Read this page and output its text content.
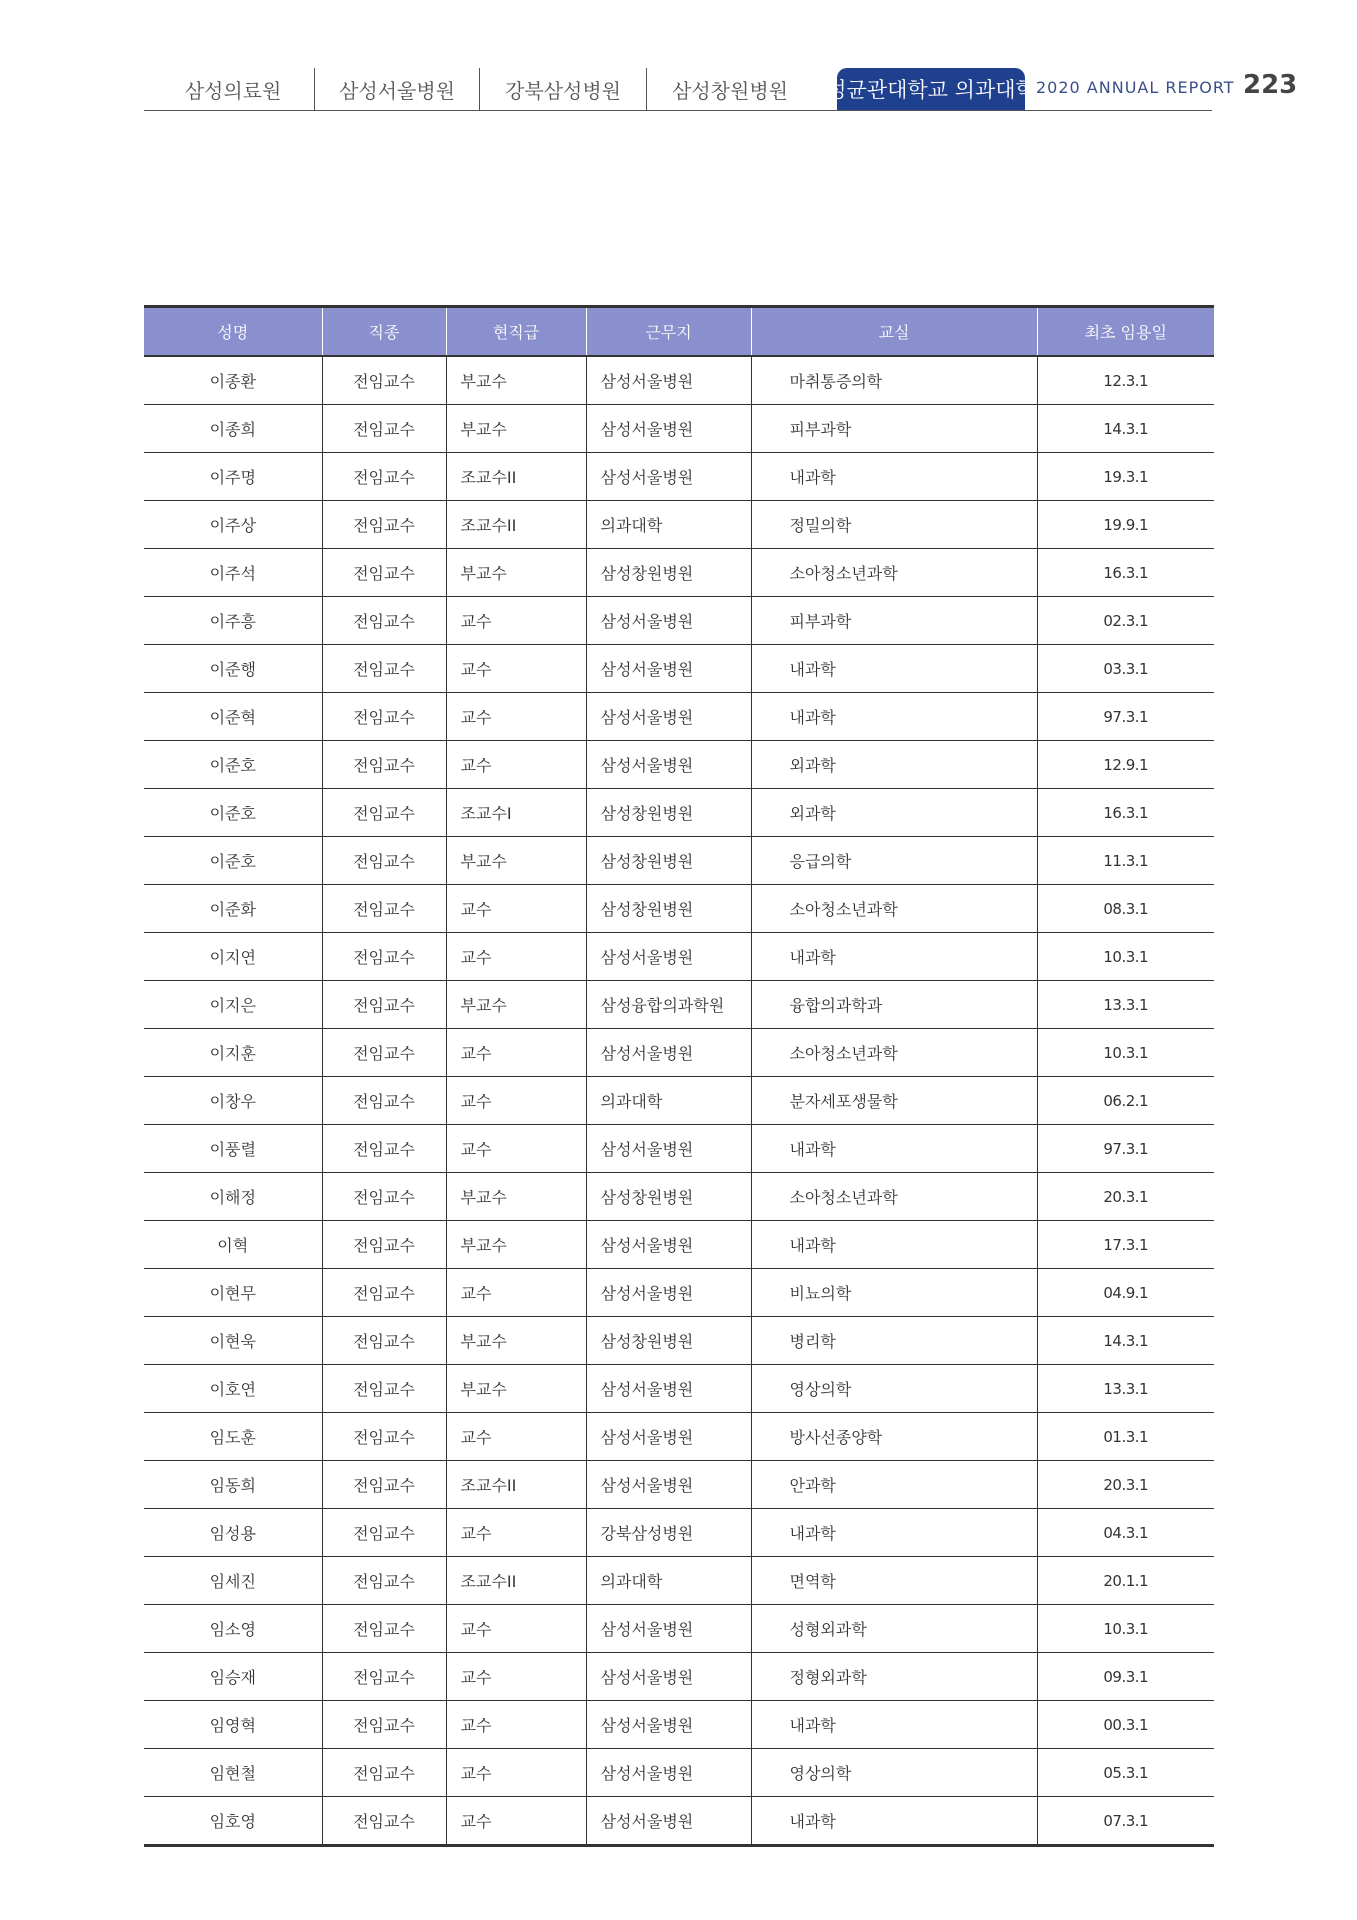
삼성의료원	삼성서울병원	강북삼성병원	삼성창원병원	성균관대학교 의과대학 2020 ANNUAL REPORT 223
성명	직종	현직급	근무지	교실	최초 임용일
이종환	전임교수	부교수	삼성서울병원	마취통증의학	12.3.1
이종희	전임교수	부교수	삼성서울병원	피부과학	14.3.1
이주명	전임교수	조교수II	삼성서울병원	내과학	19.3.1
이주상	전임교수	조교수II	의과대학	정밀의학	19.9.1
이주석	전임교수	부교수	삼성창원병원	소아청소년과학	16.3.1
이주흥	전임교수	교수	삼성서울병원	피부과학	02.3.1
이준행	전임교수	교수	삼성서울병원	내과학	03.3.1
이준혁	전임교수	교수	삼성서울병원	내과학	97.3.1
이준호	전임교수	교수	삼성서울병원	외과학	12.9.1
이준호	전임교수	조교수I	삼성창원병원	외과학	16.3.1
이준호	전임교수	부교수	삼성창원병원	응급의학	11.3.1
이준화	전임교수	교수	삼성창원병원	소아청소년과학	08.3.1
이지연	전임교수	교수	삼성서울병원	내과학	10.3.1
이지은	전임교수	부교수	삼성융합의과학원	융합의과학과	13.3.1
이지훈	전임교수	교수	삼성서울병원	소아청소년과학	10.3.1
이창우	전임교수	교수	의과대학	분자세포생물학	06.2.1
이풍렬	전임교수	교수	삼성서울병원	내과학	97.3.1
이해정	전임교수	부교수	삼성창원병원	소아청소년과학	20.3.1
이혁	전임교수	부교수	삼성서울병원	내과학	17.3.1
이현무	전임교수	교수	삼성서울병원	비뇨의학	04.9.1
이현욱	전임교수	부교수	삼성창원병원	병리학	14.3.1
이호연	전임교수	부교수	삼성서울병원	영상의학	13.3.1
임도훈	전임교수	교수	삼성서울병원	방사선종양학	01.3.1
임동희	전임교수	조교수II	삼성서울병원	안과학	20.3.1
임성용	전임교수	교수	강북삼성병원	내과학	04.3.1
임세진	전임교수	조교수II	의과대학	면역학	20.1.1
임소영	전임교수	교수	삼성서울병원	성형외과학	10.3.1
임승재	전임교수	교수	삼성서울병원	정형외과학	09.3.1
임영혁	전임교수	교수	삼성서울병원	내과학	00.3.1
임현철	전임교수	교수	삼성서울병원	영상의학	05.3.1
임호영	전임교수	교수	삼성서울병원	내과학	07.3.1
